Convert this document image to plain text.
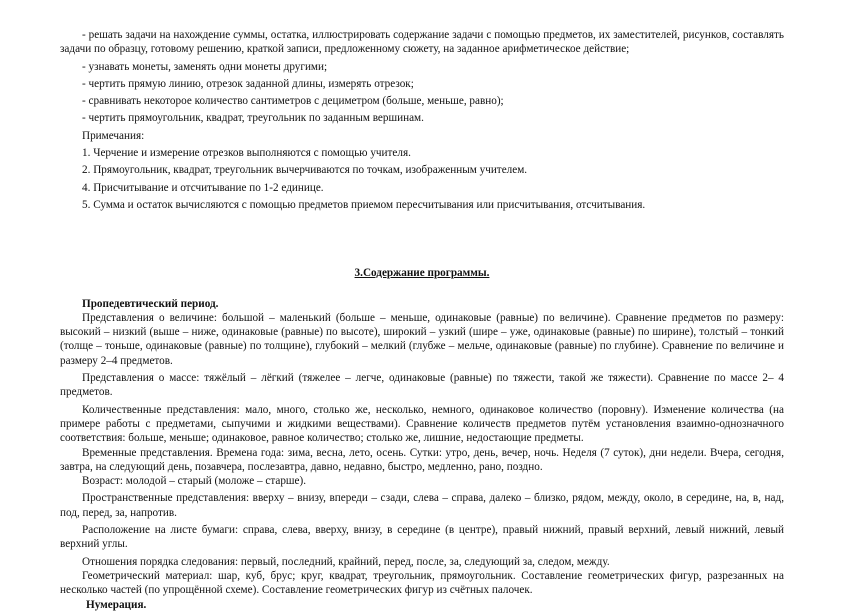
- решать задачи на нахождение суммы, остатка, иллюстрировать содержание задачи с помощью предметов, их заместителей, рисунков, составлять задачи по образцу, готовому решению, краткой записи, предложенному сюжету, на заданное арифметическое действие;

- узнавать монеты, заменять одни монеты другими;

- чертить прямую линию, отрезок заданной длины, измерять отрезок;

- сравнивать некоторое количество сантиметров с дециметром (больше, меньше, равно);

- чертить прямоугольник, квадрат, треугольник по заданным вершинам.

Примечания:

1. Черчение и измерение отрезков выполняются с помощью учителя.

2. Прямоугольник, квадрат, треугольник вычерчиваются по точкам, изображенным учителем.

4. Присчитывание и отсчитывание по 1-2 единице.

5. Сумма и остаток вычисляются с помощью предметов приемом пересчитывания или присчитывания, отсчитывания.

3.Содержание программы.

Пропедевтический период.

Представления о величине: большой – маленький (больше – меньше, одинаковые (равные) по величине). Сравнение предметов по размеру: высокий – низкий (выше – ниже, одинаковые (равные) по высоте), широкий – узкий (шире – уже, одинаковые (равные) по ширине), толстый – тонкий (толще – тоньше, одинаковые (равные) по толщине), глубокий – мелкий (глубже – мельче, одинаковые (равные) по глубине). Сравнение по величине и размеру 2–4 предметов.

Представления о массе: тяжёлый – лёгкий (тяжелее – легче, одинаковые (равные) по тяжести, такой же тяжести). Сравнение по массе 2– 4 предметов.

Количественные представления: мало, много, столько же, несколько, немного, одинаковое количество (поровну). Изменение количества (на примере работы с предметами, сыпучими и жидкими веществами). Сравнение количеств предметов путём установления взаимно-однозначного соответствия: больше, меньше; одинаковое, равное количество; столько же, лишние, недостающие предметы.

Временные представления. Времена года: зима, весна, лето, осень. Сутки: утро, день, вечер, ночь. Неделя (7 суток), дни недели. Вчера, сегодня, завтра, на следующий день, позавчера, послезавтра, давно, недавно, быстро, медленно, рано, поздно.

Возраст: молодой – старый (моложе – старше).

Пространственные представления: вверху – внизу, впереди – сзади, слева – справа, далеко – близко, рядом, между, около, в середине, на, в, над, под, перед, за, напротив.

Расположение на листе бумаги: справа, слева, вверху, внизу, в середине (в центре), правый нижний, правый верхний, левый нижний, левый верхний углы.

Отношения порядка следования: первый, последний, крайний, перед, после, за, следующий за, следом, между.

Геометрический материал: шар, куб, брус; круг, квадрат, треугольник, прямоугольник. Составление геометрических фигур, разрезанных на несколько частей (по упрощённой схеме). Составление геометрических фигур из счётных палочек.

Нумерация.
